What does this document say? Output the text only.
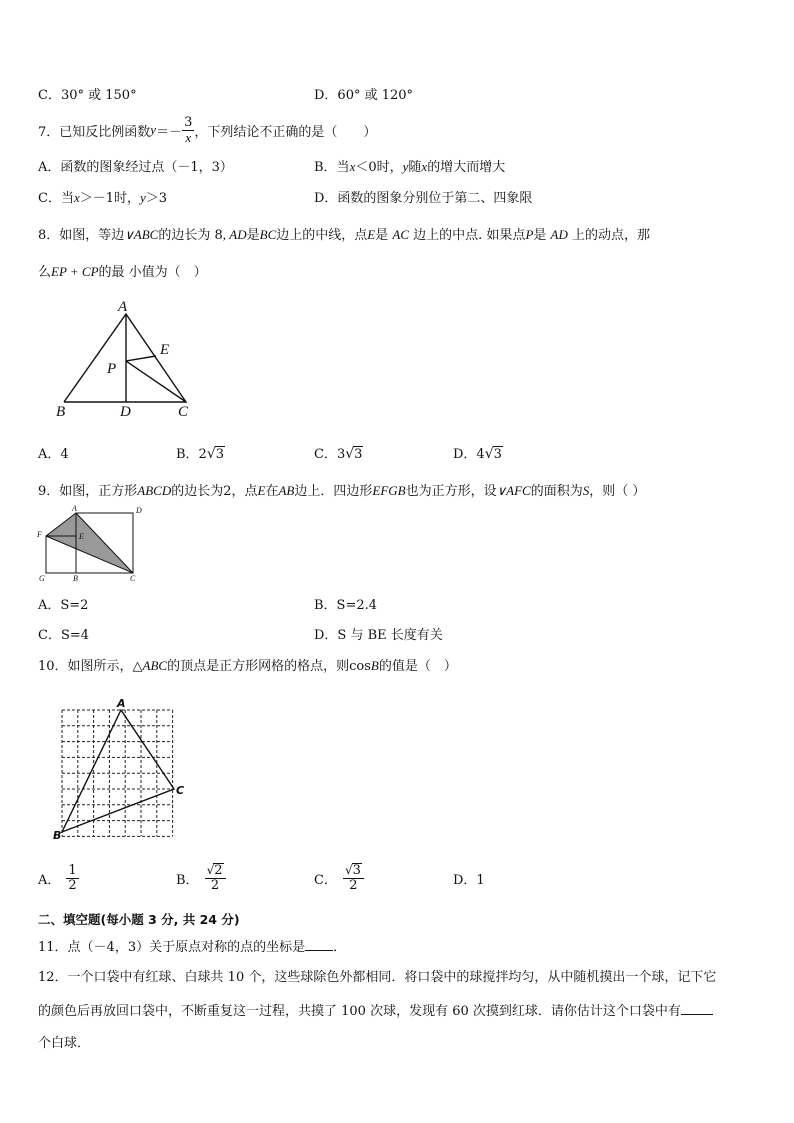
C．30° 或 150°	D．60° 或 120°
7．已知反比例函数 $y =- \frac{3}{x}$ ，下列结论不正确的是（　　）
A．函数的图象经过点（－1，3）	B．当x＜0时，y随x的增大而增大
C．当x＞－1时，y＞3	D．函数的图象分别位于第二、四象限
8．如图，等边∨ABC的边长为 8, AD是BC边上的中线，点E是 AC 边上的中点. 如果点P是 AD 上的动点，那
么EP + CP的最 小值为（　）
A
E
P
B	D	C
A．4	B．2√3	C．3√3	D．4√3
9．如图，正方形ABCD的边长为2，点E在AB边上．四边形EFGB也为正方形，设∨AFC的面积为S，则（ ）
A	D
F	E
G	B	C
A．S=2	B．S=2.4
C．S=4	D．S 与 BE 长度有关
10．如图所示，△ABC的顶点是正方形网格的格点，则cosB的值是（　）
A
C
B
A． $\frac{1}{2}$	B． $\frac{√2}{2}$	C． $\frac{√3}{2}$	D．1
二、填空题(每小题 3 分, 共 24 分)
11．点（－4，3）关于原点对称的点的坐标是 ．
12．一个口袋中有红球、白球共 10 个，这些球除色外都相同．将口袋中的球搅拌均匀，从中随机摸出一个球，记下它
的颜色后再放回口袋中，不断重复这一过程，共摸了 100 次球，发现有 60 次摸到红球．请你估计这个口袋中有
个白球．
